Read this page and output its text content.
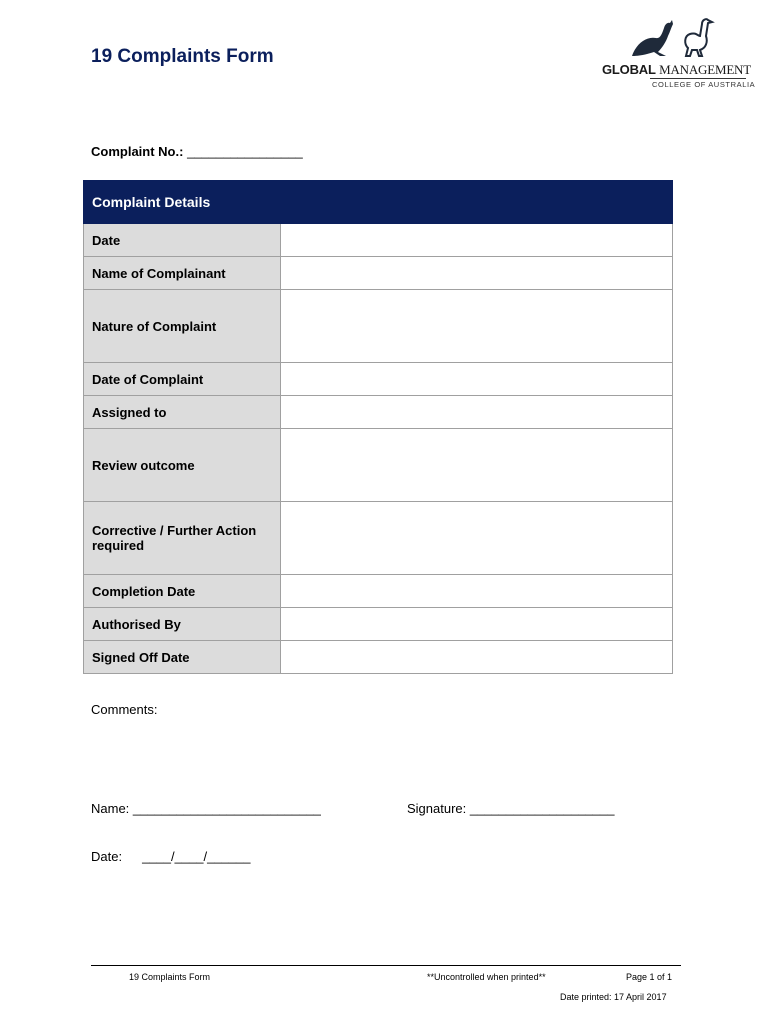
19 Complaints Form
GLOBAL MANAGEMENT
COLLEGE OF AUSTRALIA
Complaint No.: ________________
Complaint Details	
Date	
Name of Complainant	
Nature of Complaint	
Date of Complaint	
Assigned to	
Review outcome	
Corrective / Further Action required	
Completion Date	
Authorised By	
Signed Off Date	
Comments:
Name: __________________________	Signature: ____________________
Date: ____/____/______
19 Complaints Form	**Uncontrolled when printed**	Page 1 of 1
Date printed: 17 April 2017
